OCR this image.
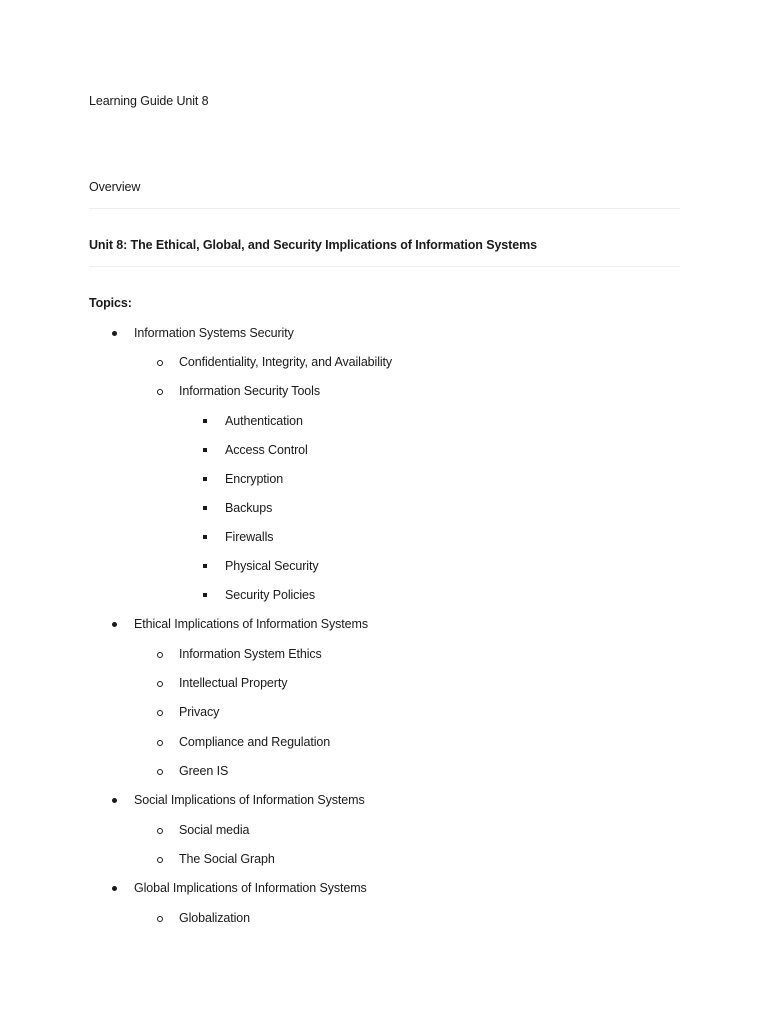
Learning Guide Unit 8
Overview
Unit 8: The Ethical, Global, and Security Implications of Information Systems
Topics:
Information Systems Security
Confidentiality, Integrity, and Availability
Information Security Tools
Authentication
Access Control
Encryption
Backups
Firewalls
Physical Security
Security Policies
Ethical Implications of Information Systems
Information System Ethics
Intellectual Property
Privacy
Compliance and Regulation
Green IS
Social Implications of Information Systems
Social media
The Social Graph
Global Implications of Information Systems
Globalization
